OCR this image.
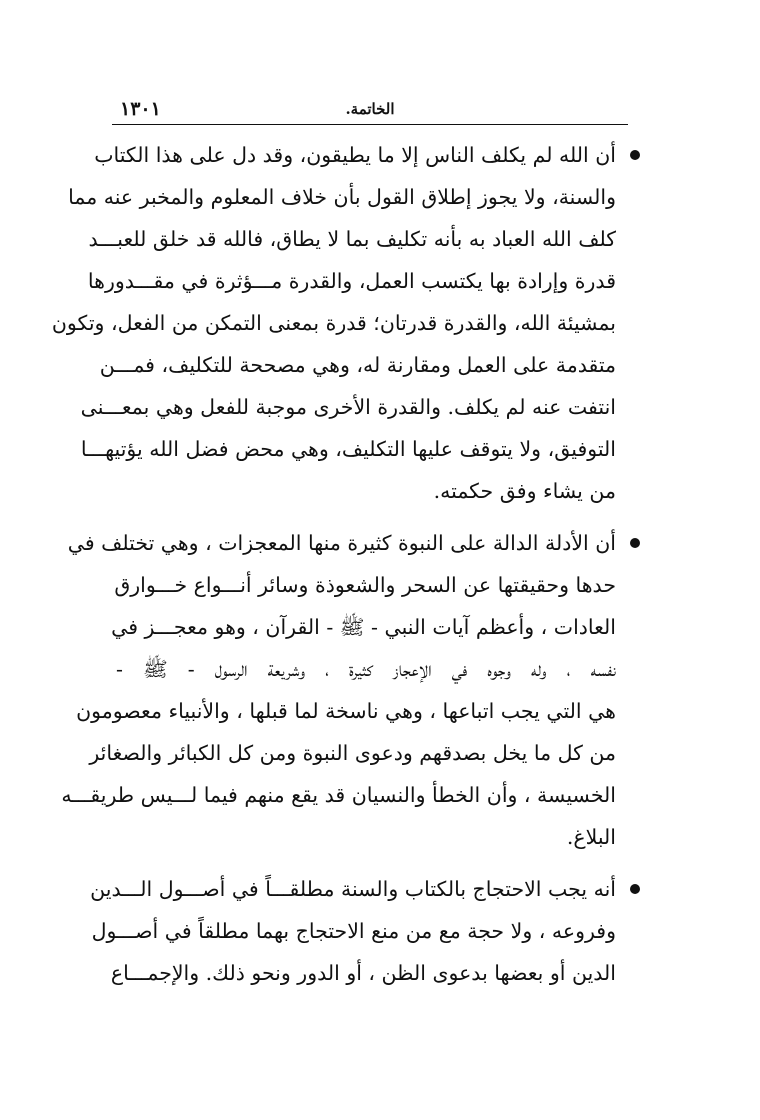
١٣٠١	الخاتمة.
أن الله لم يكلف الناس إلا ما يطيقون، وقد دل على هذا الكتاب
والسنة، ولا يجوز إطلاق القول بأن خلاف المعلوم والمخبر عنه مما
كلف الله العباد به بأنه تكليف بما لا يطاق، فالله قد خلق للعبـــد
قدرة وإرادة بها يكتسب العمل، والقدرة مـــؤثرة في مقـــدورها
بمشيئة الله، والقدرة قدرتان؛ قدرة بمعنى التمكن من الفعل، وتكون
متقدمة على العمل ومقارنة له، وهي مصححة للتكليف، فمـــن
انتفت عنه لم يكلف. والقدرة الأخرى موجبة للفعل وهي بمعـــنى
التوفيق، ولا يتوقف عليها التكليف، وهي محض فضل الله يؤتيهـــا
من يشاء وفق حكمته.
أن الأدلة الدالة على النبوة كثيرة منها المعجزات ، وهي تختلف في
حدها وحقيقتها عن السحر والشعوذة وسائر أنـــواع خـــوارق
العادات ، وأعظم آيات النبي - ﷺ - القرآن ، وهو معجـــز في
نفسه ، وله وجوه في الإعجاز كثيرة ، وشريعة الرسول - ﷺ -
هي التي يجب اتباعها ، وهي ناسخة لما قبلها ، والأنبياء معصومون
من كل ما يخل بصدقهم ودعوى النبوة ومن كل الكبائر والصغائر
الخسيسة ، وأن الخطأ والنسيان قد يقع منهم فيما لـــيس طريقـــه
البلاغ.
أنه يجب الاحتجاج بالكتاب والسنة مطلقـــاً في أصـــول الـــدين
وفروعه ، ولا حجة مع من منع الاحتجاج بهما مطلقاً في أصـــول
الدين أو بعضها بدعوى الظن ، أو الدور ونحو ذلك. والإجمـــاع
